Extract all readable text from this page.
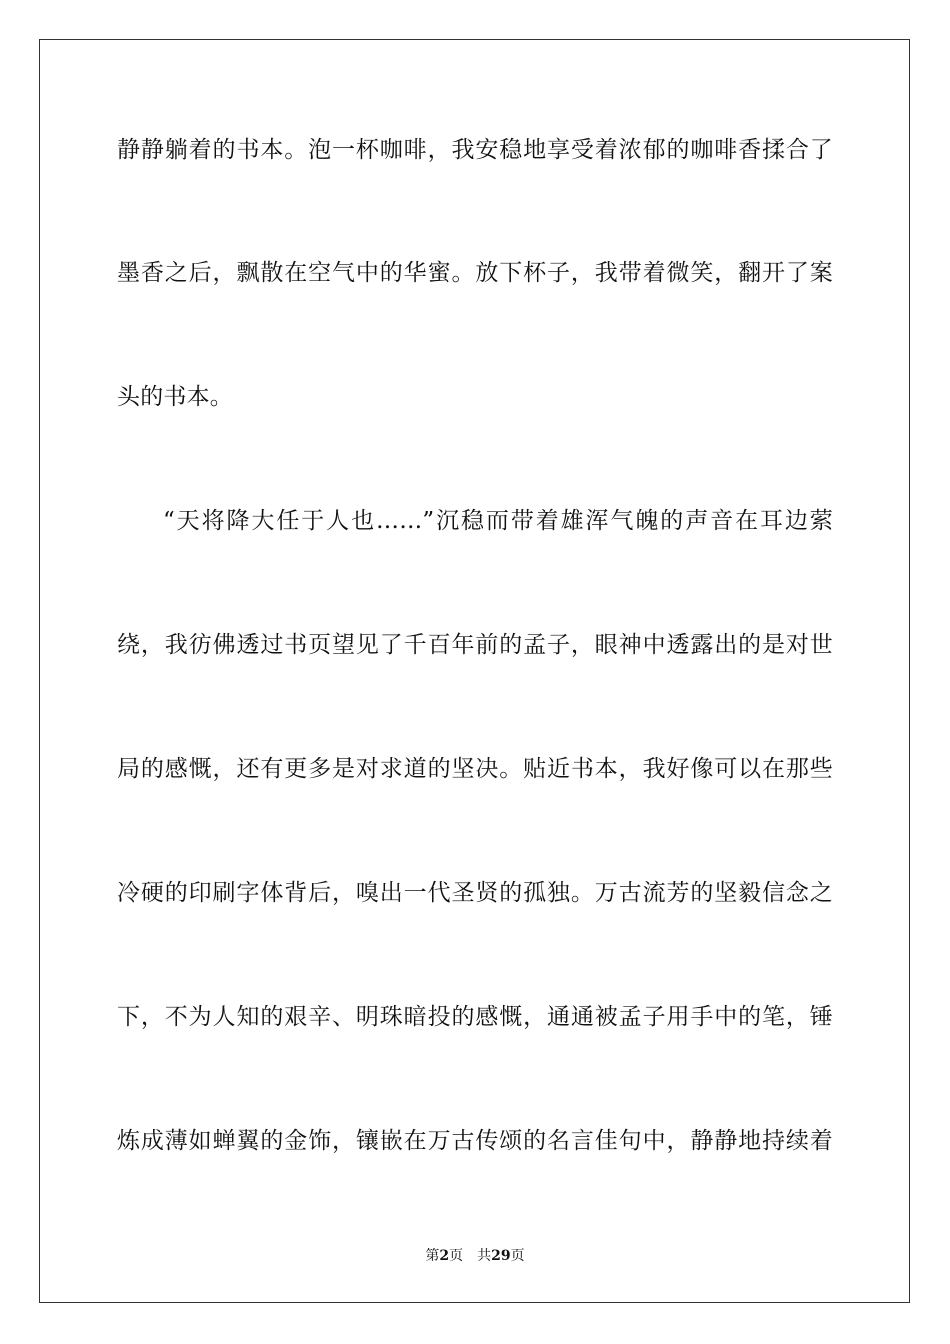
静静躺着的书本。泡一杯咖啡，我安稳地享受着浓郁的咖啡香揉合了
墨香之后，飘散在空气中的华蜜。放下杯子，我带着微笑，翻开了案
头的书本。
“天将降大任于人也……”沉稳而带着雄浑气魄的声音在耳边萦
绕，我彷佛透过书页望见了千百年前的孟子，眼神中透露出的是对世
局的感慨，还有更多是对求道的坚决。贴近书本，我好像可以在那些
冷硬的印刷字体背后，嗅出一代圣贤的孤独。万古流芳的坚毅信念之
下，不为人知的艰辛、明珠暗投的感慨，通通被孟子用手中的笔，锤
炼成薄如蝉翼的金饰，镶嵌在万古传颂的名言佳句中，静静地持续着
第2页 共29页
